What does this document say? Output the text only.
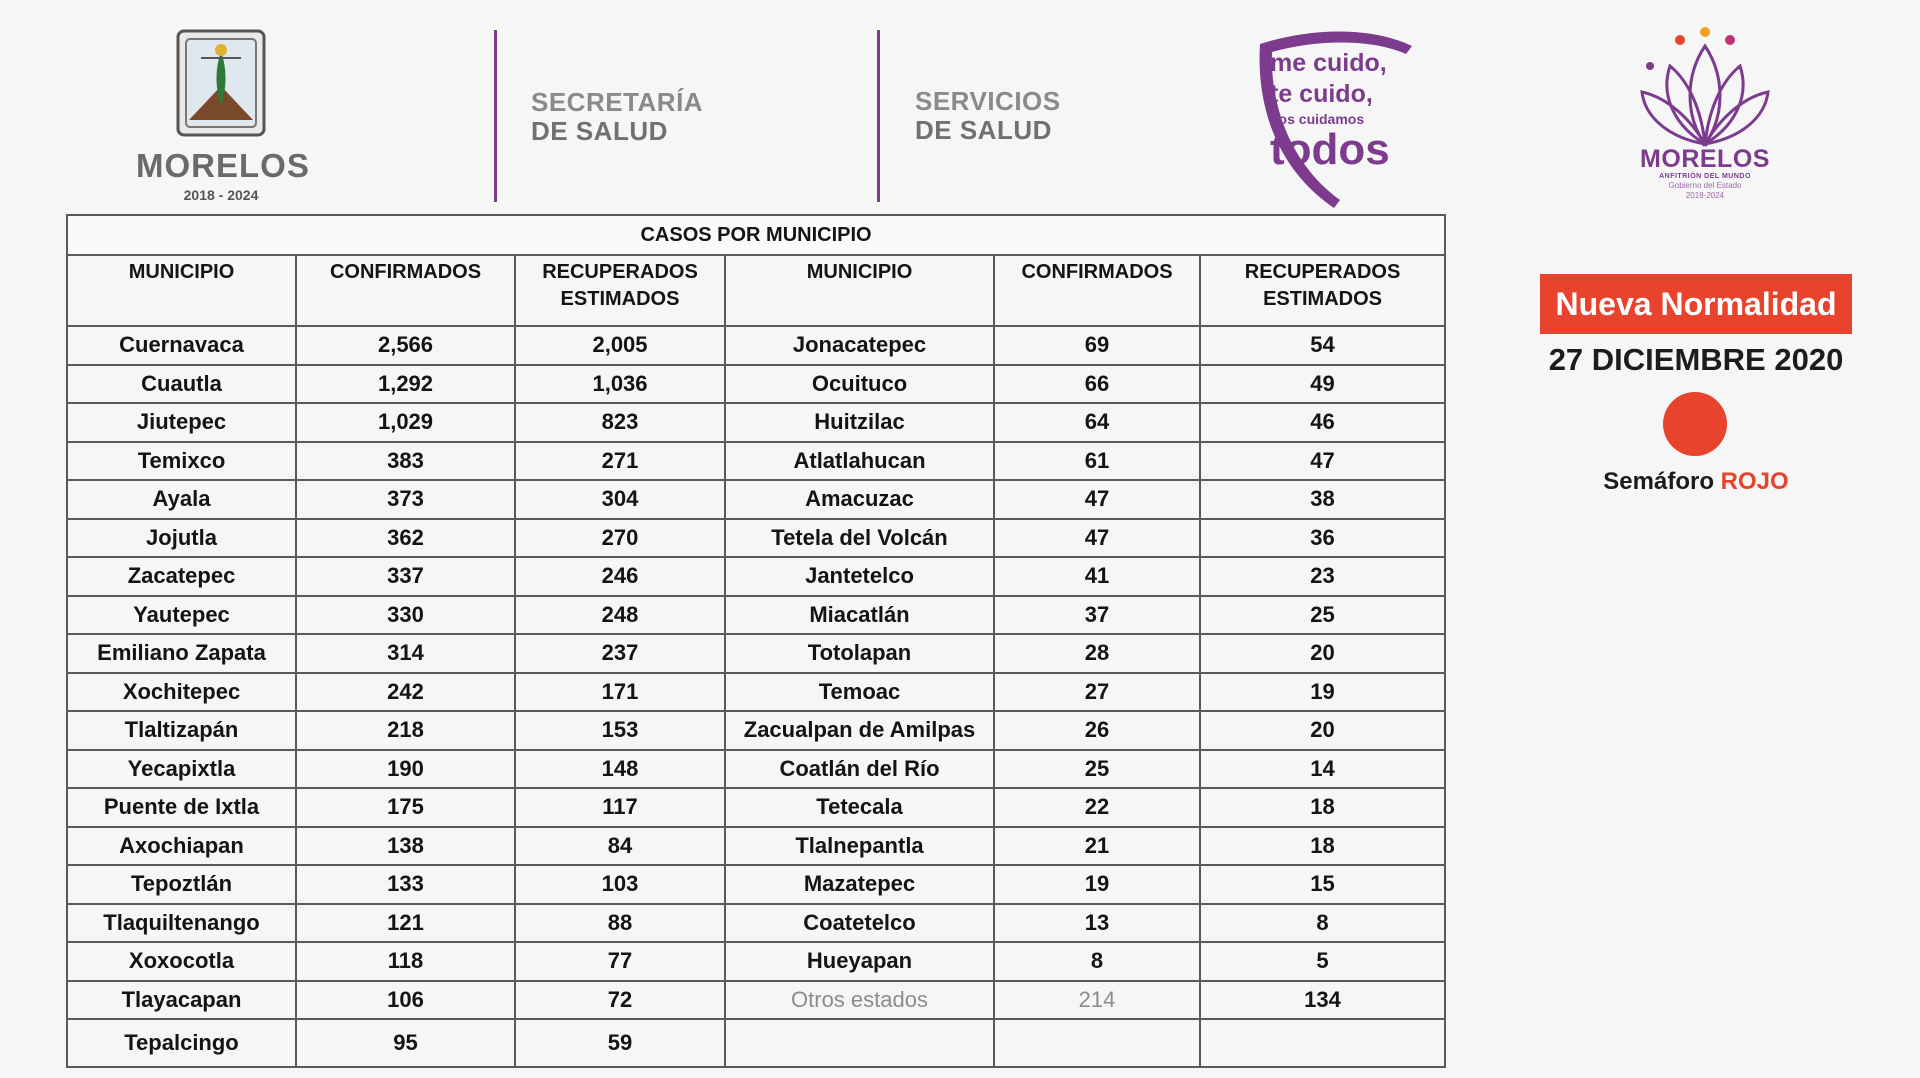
MORELOS
2018 - 2024
SECRETARÍA
DE SALUD
SERVICIOS
DE SALUD
me cuido,
te cuido,
nos cuidamos
todos	MORELOS
ANFITRIÓN DEL MUNDO
Gobierno del Estado
2018-2024
CASOS POR MUNICIPIO					
MUNICIPIO	CONFIRMADOS	RECUPERADOS ESTIMADOS	MUNICIPIO	CONFIRMADOS	RECUPERADOS ESTIMADOS
Cuernavaca	2,566	2,005	Jonacatepec	69	54
Cuautla	1,292	1,036	Ocuituco	66	49
Jiutepec	1,029	823	Huitzilac	64	46
Temixco	383	271	Atlatlahucan	61	47
Ayala	373	304	Amacuzac	47	38
Jojutla	362	270	Tetela del Volcán	47	36
Zacatepec	337	246	Jantetelco	41	23
Yautepec	330	248	Miacatlán	37	25
Emiliano Zapata	314	237	Totolapan	28	20
Xochitepec	242	171	Temoac	27	19
Tlaltizapán	218	153	Zacualpan de Amilpas	26	20
Yecapixtla	190	148	Coatlán del Río	25	14
Puente de Ixtla	175	117	Tetecala	22	18
Axochiapan	138	84	Tlalnepantla	21	18
Tepoztlán	133	103	Mazatepec	19	15
Tlaquiltenango	121	88	Coatetelco	13	8
Xoxocotla	118	77	Hueyapan	8	5
Tlayacapan	106	72	Otros estados	214	134
Tepalcingo	95	59			
Nueva Normalidad
27 DICIEMBRE 2020
Semáforo ROJO
